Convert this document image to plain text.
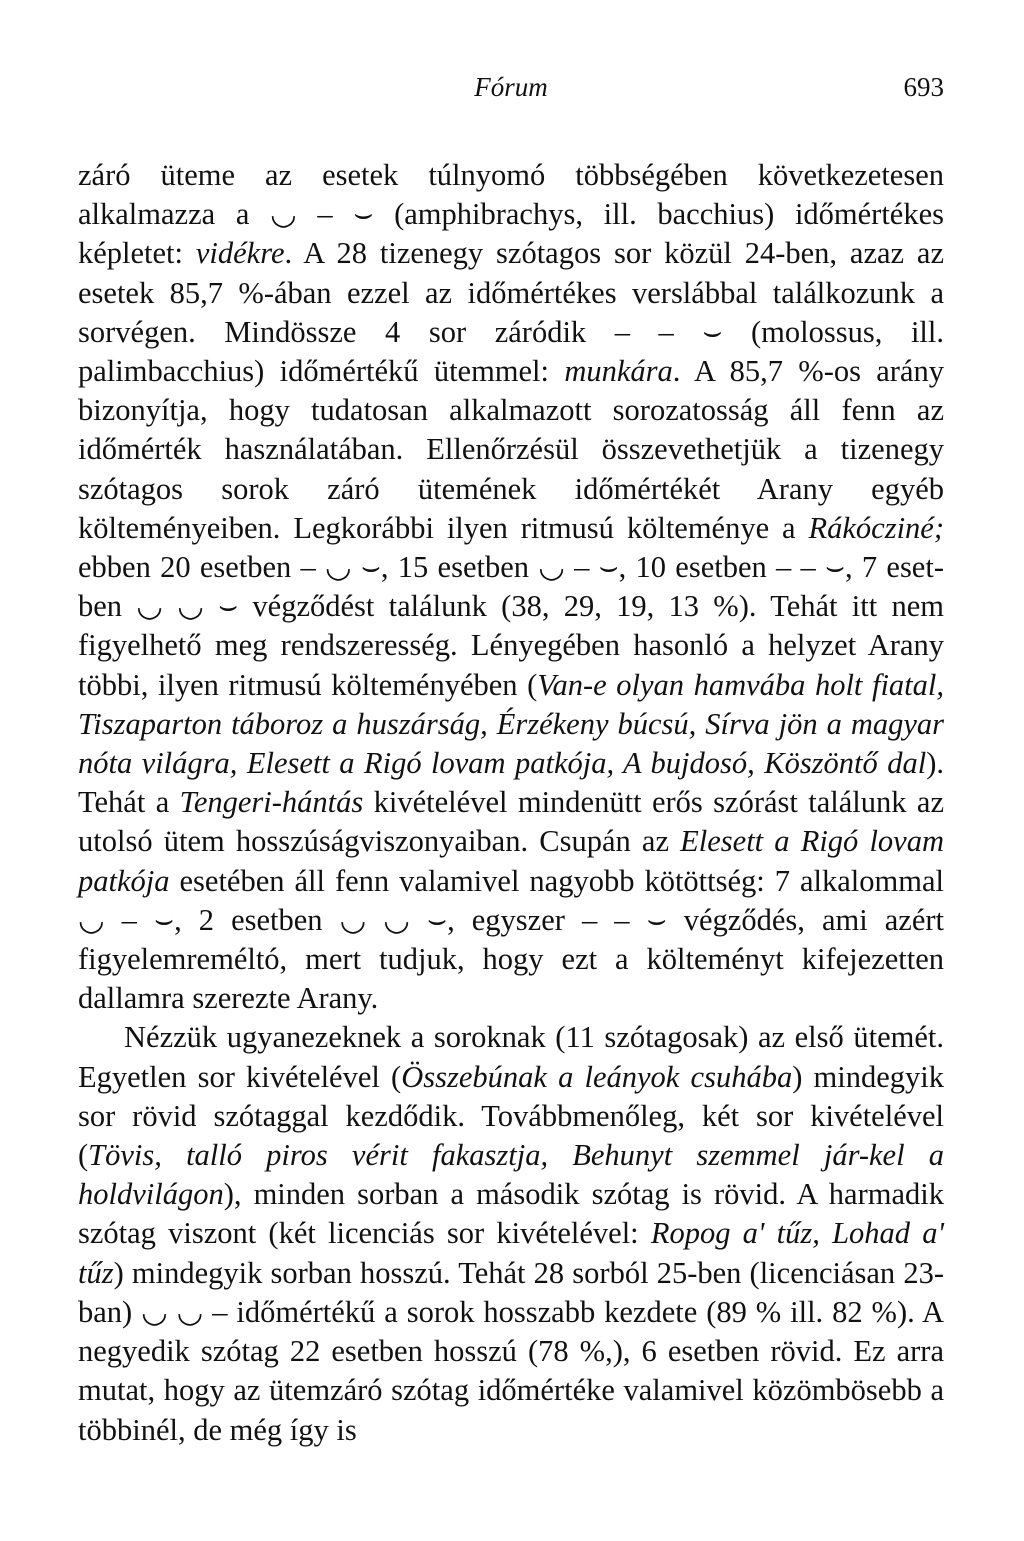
Fórum	693

záró üteme az esetek túlnyomó többségében következetesen alkalmazza a ◡ – ⌣ (amphibrachys, ill. bacchius) időmértékes képletet: vidékre. A 28 tizenegy szótagos sor közül 24-ben, azaz az esetek 85,7 %-ában ezzel az időmértékes verslábbal találkozunk a sorvégen. Mindössze 4 sor záródik – – ⌣ (molossus, ill. palimbacchius) időmértékű ütemmel: munkára. A 85,7 %-os arány bizonyítja, hogy tudatosan alkalmazott sorozatosság áll fenn az időmérték használatában. Ellenőrzésül összevethetjük a tizenegy szótagos sorok záró ütemének időmértékét Arany egyéb költeményeiben. Legkorábbi ilyen ritmusú költeménye a Rákócziné; ebben 20 esetben – ◡ ⌣, 15 esetben ◡ – ⌣, 10 esetben – – ⌣, 7 esetben ◡ ◡ ⌣ végződést találunk (38, 29, 19, 13 %). Tehát itt nem figyelhető meg rendszeresség. Lényegében hasonló a helyzet Arany többi, ilyen ritmusú költeményében (Van-e olyan hamvába holt fiatal, Tiszaparton táboroz a huszárság, Érzékeny búcsú, Sírva jön a magyar nóta világra, Elesett a Rigó lovam patkója, A bujdosó, Köszöntő dal). Tehát a Tengeri-hántás kivételével mindenütt erős szórást találunk az utolsó ütem hosszúságviszonyaiban. Csupán az Elesett a Rigó lovam patkója esetében áll fenn valamivel nagyobb kötöttség: 7 alkalommal ◡ – ⌣, 2 esetben ◡ ◡ ⌣, egyszer – – ⌣ végződés, ami azért figyelemreméltó, mert tudjuk, hogy ezt a költeményt kifejezetten dallamra szerezte Arany.

Nézzük ugyanezeknek a soroknak (11 szótagosak) az első ütemét. Egyetlen sor kivételével (Összebúnak a leányok csuhába) mindegyik sor rövid szótaggal kezdődik. Továbbmenőleg, két sor kivételével (Tövis, talló piros vérit fakasztja, Behunyt szemmel jár-kel a holdvilágon), minden sorban a második szótag is rövid. A harmadik szótag viszont (két licenciás sor kivételével: Ropog a' tűz, Lohad a' tűz) mindegyik sorban hosszú. Tehát 28 sorból 25-ben (licenciásan 23-ban) ◡ ◡ – időmértékű a sorok hosszabb kezdete (89 % ill. 82 %). A negyedik szótag 22 esetben hosszú (78 %,), 6 esetben rövid. Ez arra mutat, hogy az ütemzáró szótag időmértéke valamivel közömbösebb a többinél, de még így is
